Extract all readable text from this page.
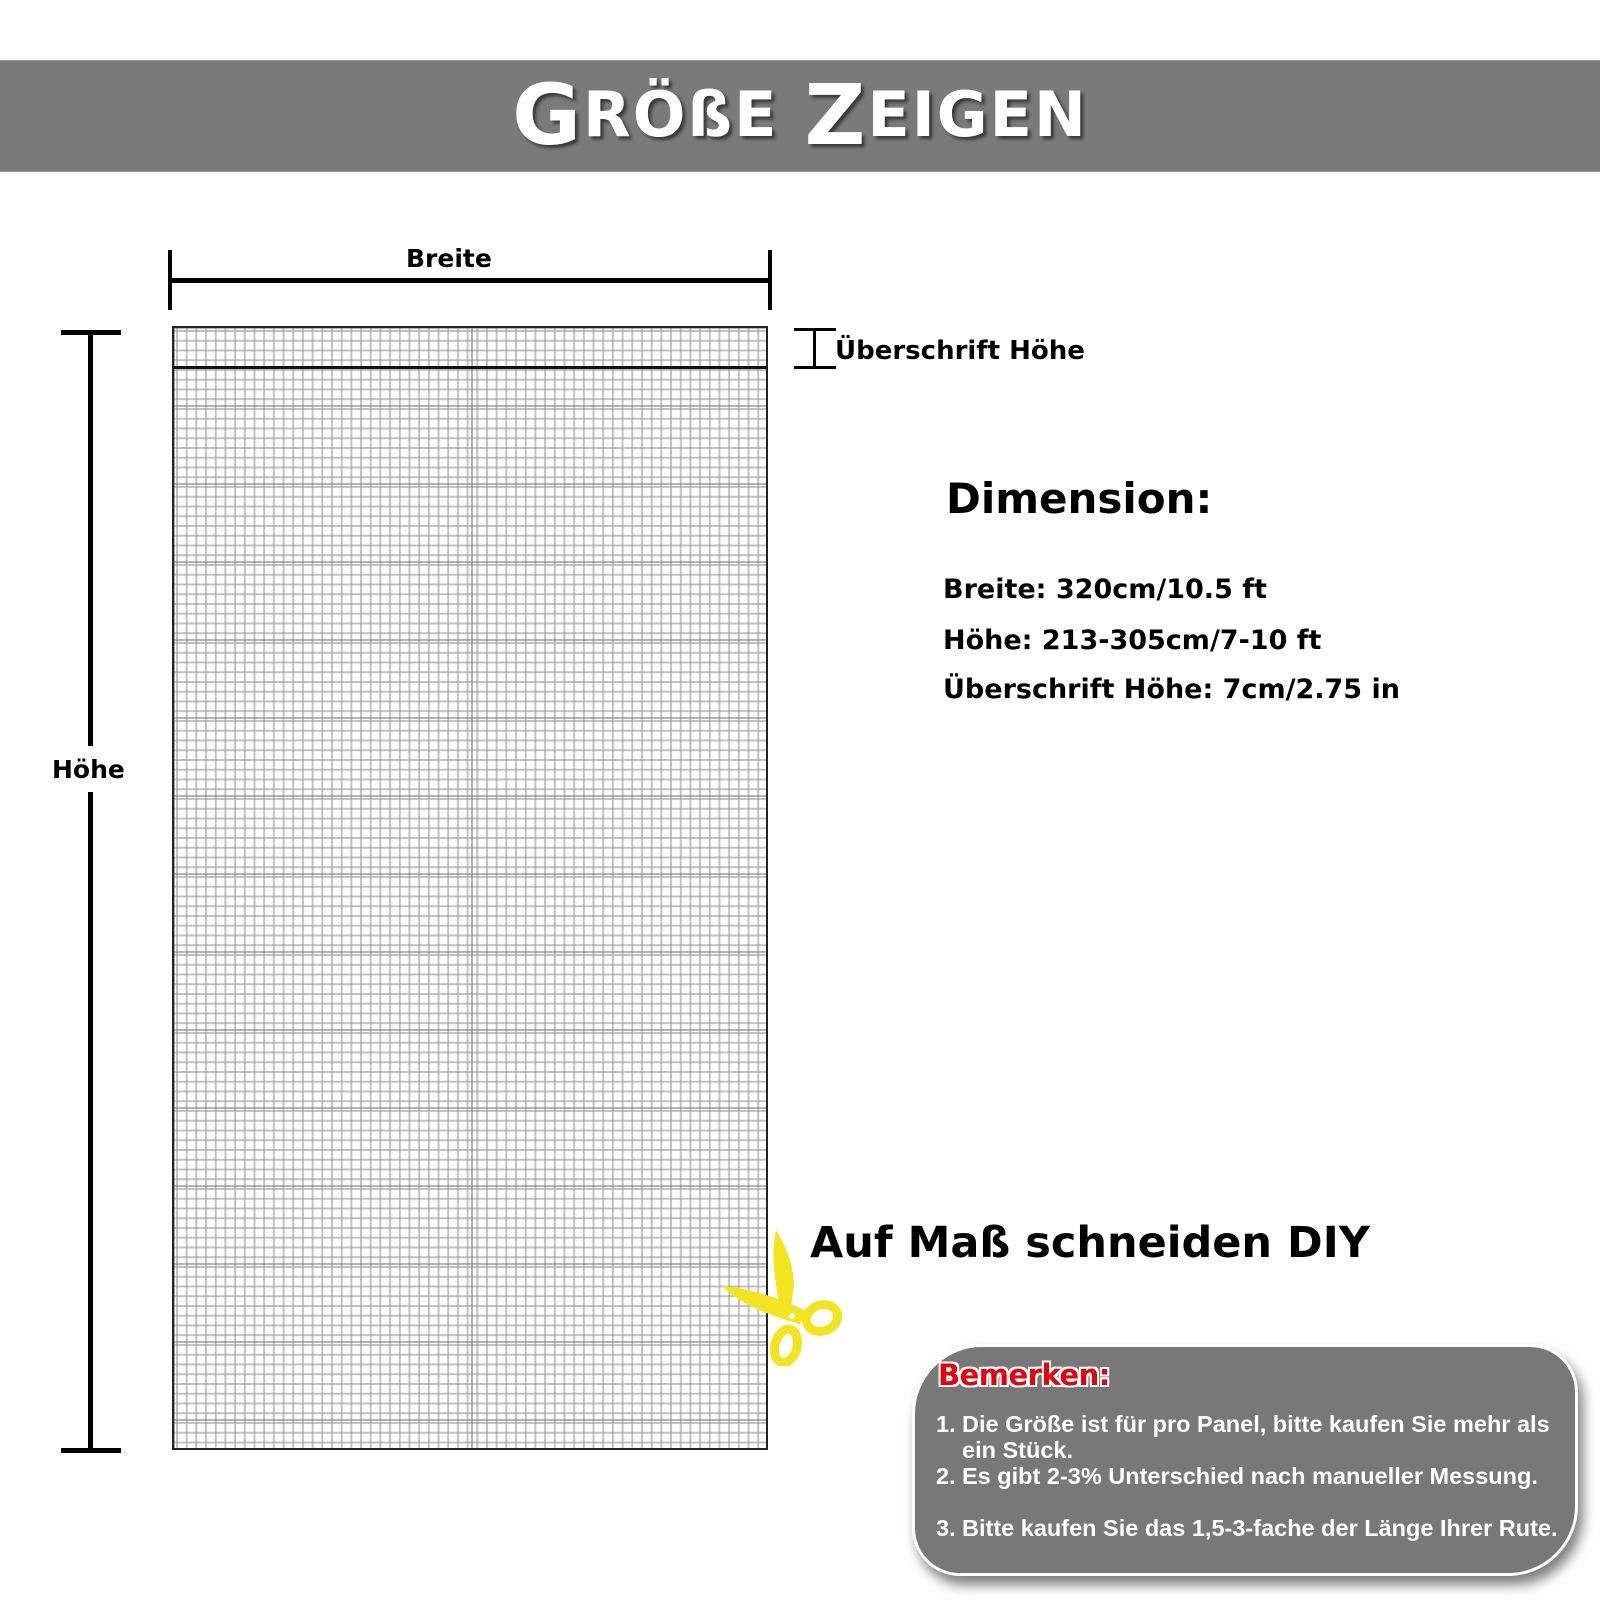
G RÖßE Z EIGEN
Breite
Höhe
Überschrift Höhe
Dimension:
Breite: 320cm/10.5 ft
Höhe: 213-305cm/7-10 ft
Überschrift Höhe: 7cm/2.75 in
Auf Maß schneiden DIY
Bemerken:
1. Die Größe ist für pro Panel, bitte kaufen Sie mehr als ein Stück.
2. Es gibt 2-3% Unterschied nach manueller Messung.
3. Bitte kaufen Sie das 1,5-3-fache der Länge Ihrer Rute.
